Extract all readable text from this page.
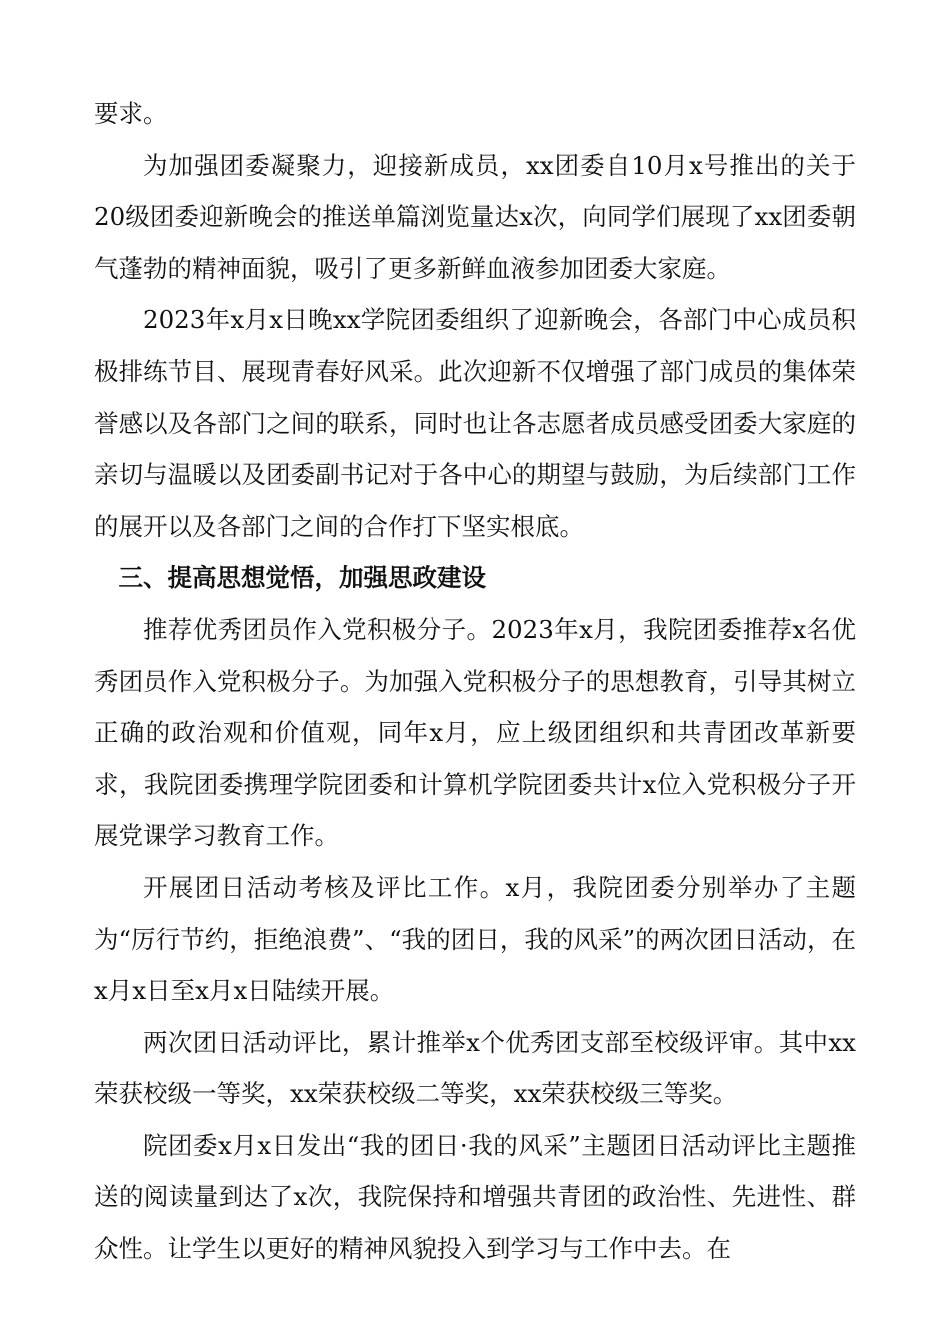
要求。

为加强团委凝聚力，迎接新成员，xx团委自10月x号推出的关于20级团委迎新晚会的推送单篇浏览量达x次，向同学们展现了xx团委朝气蓬勃的精神面貌，吸引了更多新鲜血液参加团委大家庭。

2023年x月x日晚xx学院团委组织了迎新晚会，各部门中心成员积极排练节目、展现青春好风采。此次迎新不仅增强了部门成员的集体荣誉感以及各部门之间的联系，同时也让各志愿者成员感受团委大家庭的亲切与温暖以及团委副书记对于各中心的期望与鼓励，为后续部门工作的展开以及各部门之间的合作打下坚实根底。

三、提高思想觉悟，加强思政建设

推荐优秀团员作入党积极分子。2023年x月，我院团委推荐x名优秀团员作入党积极分子。为加强入党积极分子的思想教育，引导其树立正确的政治观和价值观，同年x月，应上级团组织和共青团改革新要求，我院团委携理学院团委和计算机学院团委共计x位入党积极分子开展党课学习教育工作。

开展团日活动考核及评比工作。x月，我院团委分别举办了主题为“厉行节约，拒绝浪费”、“我的团日，我的风采”的两次团日活动，在x月x日至x月x日陆续开展。

两次团日活动评比，累计推举x个优秀团支部至校级评审。其中xx荣获校级一等奖，xx荣获校级二等奖，xx荣获校级三等奖。

院团委x月x日发出“我的团日·我的风采”主题团日活动评比主题推送的阅读量到达了x次，我院保持和增强共青团的政治性、先进性、群众性。让学生以更好的精神风貌投入到学习与工作中去。在
